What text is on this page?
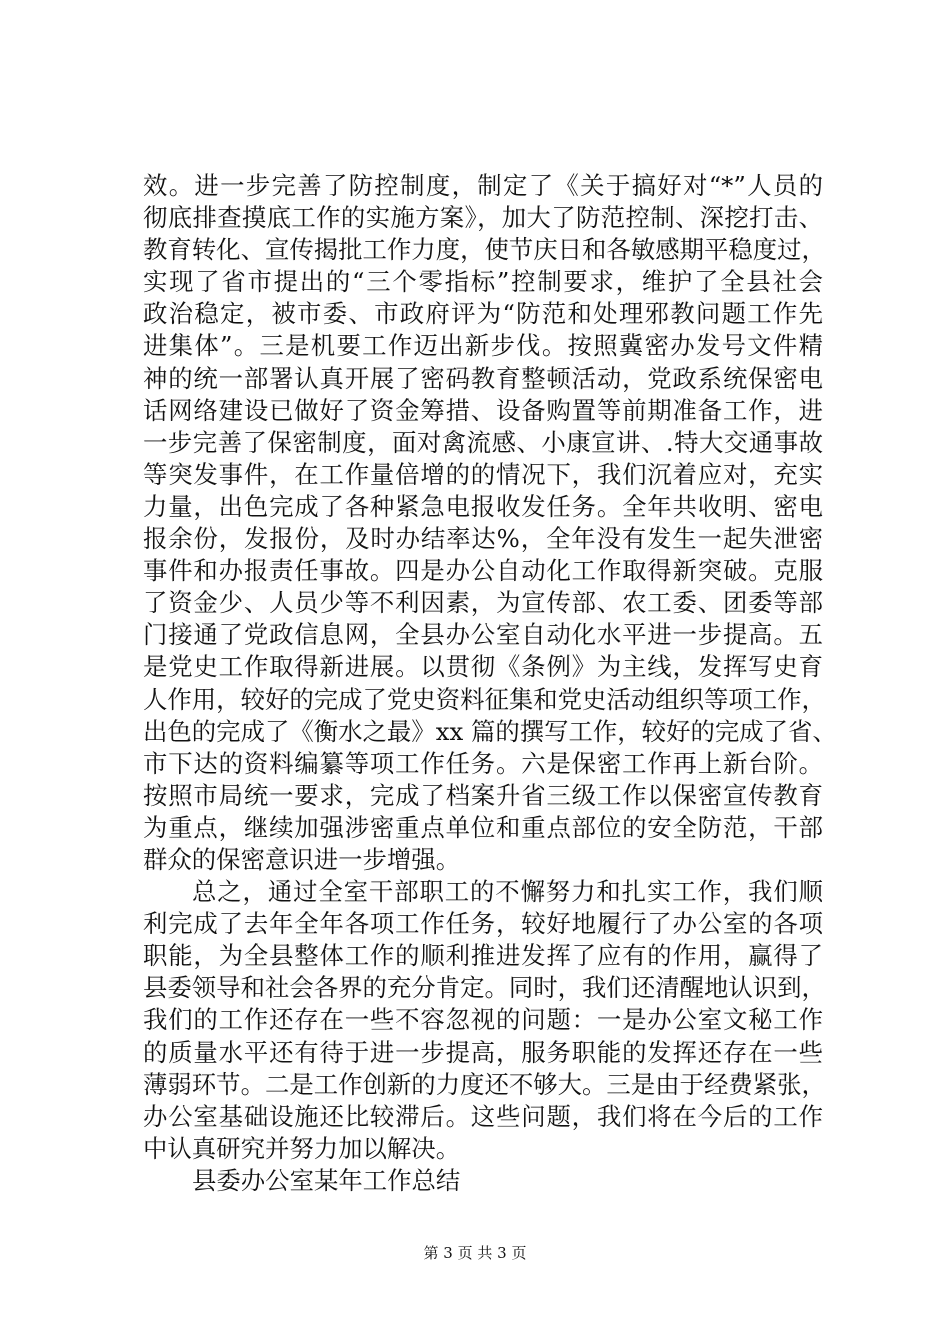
效。进一步完善了防控制度，制定了《关于搞好对“*”人员的
彻底排查摸底工作的实施方案》，加大了防范控制、深挖打击、
教育转化、宣传揭批工作力度，使节庆日和各敏感期平稳度过，
实现了省市提出的“三个零指标”控制要求，维护了全县社会
政治稳定，被市委、市政府评为“防范和处理邪教问题工作先
进集体”。三是机要工作迈出新步伐。按照冀密办发号文件精
神的统一部署认真开展了密码教育整顿活动，党政系统保密电
话网络建设已做好了资金筹措、设备购置等前期准备工作，进
一步完善了保密制度，面对禽流感、小康宣讲、.特大交通事故
等突发事件，在工作量倍增的的情况下，我们沉着应对，充实
力量，出色完成了各种紧急电报收发任务。全年共收明、密电
报余份，发报份，及时办结率达%，全年没有发生一起失泄密
事件和办报责任事故。四是办公自动化工作取得新突破。克服
了资金少、人员少等不利因素，为宣传部、农工委、团委等部
门接通了党政信息网，全县办公室自动化水平进一步提高。五
是党史工作取得新进展。以贯彻《条例》为主线，发挥写史育
人作用，较好的完成了党史资料征集和党史活动组织等项工作，
出色的完成了《衡水之最》xx 篇的撰写工作，较好的完成了省、
市下达的资料编纂等项工作任务。六是保密工作再上新台阶。
按照市局统一要求，完成了档案升省三级工作以保密宣传教育
为重点，继续加强涉密重点单位和重点部位的安全防范，干部
群众的保密意识进一步增强。
总之，通过全室干部职工的不懈努力和扎实工作，我们顺
利完成了去年全年各项工作任务，较好地履行了办公室的各项
职能，为全县整体工作的顺利推进发挥了应有的作用，赢得了
县委领导和社会各界的充分肯定。同时，我们还清醒地认识到，
我们的工作还存在一些不容忽视的问题：一是办公室文秘工作
的质量水平还有待于进一步提高，服务职能的发挥还存在一些
薄弱环节。二是工作创新的力度还不够大。三是由于经费紧张，
办公室基础设施还比较滞后。这些问题，我们将在今后的工作
中认真研究并努力加以解决。
县委办公室某年工作总结
第 3 页 共 3 页
